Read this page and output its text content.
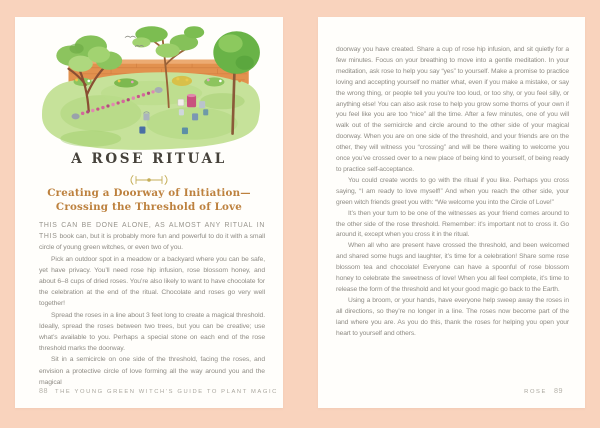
A ROSE RITUAL
Creating a Doorway of Initiation—
Crossing the Threshold of Love

THIS CAN BE DONE ALONE, AS ALMOST ANY RITUAL IN THIS book can, but it is probably more fun and powerful to do it with a small circle of young green witches, or even two of you.

Pick an outdoor spot in a meadow or a backyard where you can be safe, yet have privacy. You’ll need rose hip infusion, rose blossom honey, and about 6–8 cups of dried roses. You’re also likely to want to have chocolate for the celebration at the end of the ritual. Chocolate and roses go very well together!

Spread the roses in a line about 3 feet long to create a magical threshold. Ideally, spread the roses between two trees, but you can be creative; use what’s available to you. Perhaps a special stone on each end of the rose threshold marks the doorway.

Sit in a semicircle on one side of the threshold, facing the roses, and envision a protective circle of love forming all the way around you and the magical

88 THE YOUNG GREEN WITCH’S GUIDE TO PLANT MAGIC

doorway you have created. Share a cup of rose hip infusion, and sit quietly for a few minutes. Focus on your breathing to move into a gentle meditation. In your meditation, ask rose to help you say “yes” to yourself. Make a promise to practice loving and accepting yourself no matter what, even if you make a mistake, or say the wrong thing, or people tell you you’re too loud, or too shy, or you feel silly, or anything else! You can also ask rose to help you grow some thorns of your own if you feel like you are too “nice” all the time. After a few minutes, one of you will walk out of the semicircle and circle around to the other side of your magical doorway. When you are on one side of the threshold, and your friends are on the other, they will witness you “crossing” and will be there waiting to welcome you once you’ve crossed over to a new place of being kind to yourself, of being ready to practice self-acceptance.

You could create words to go with the ritual if you like. Perhaps you cross saying, “I am ready to love myself!” And when you reach the other side, your green witch friends greet you with: “We welcome you into the Circle of Love!”

It’s then your turn to be one of the witnesses as your friend comes around to the other side of the rose threshold. Remember: it’s important not to cross it. Go around it, except when you cross it in the ritual.

When all who are present have crossed the threshold, and been welcomed and shared some hugs and laughter, it’s time for a celebration! Share some rose blossom tea and chocolate! Everyone can have a spoonful of rose blossom honey to celebrate the sweetness of love! When you all feel complete, it’s time to release the form of the threshold and let your good magic go back to the Earth.

Using a broom, or your hands, have everyone help sweep away the roses in all directions, so they’re no longer in a line. The roses now become part of the land where you are. As you do this, thank the roses for helping you open your heart to yourself and others.

ROSE 89
